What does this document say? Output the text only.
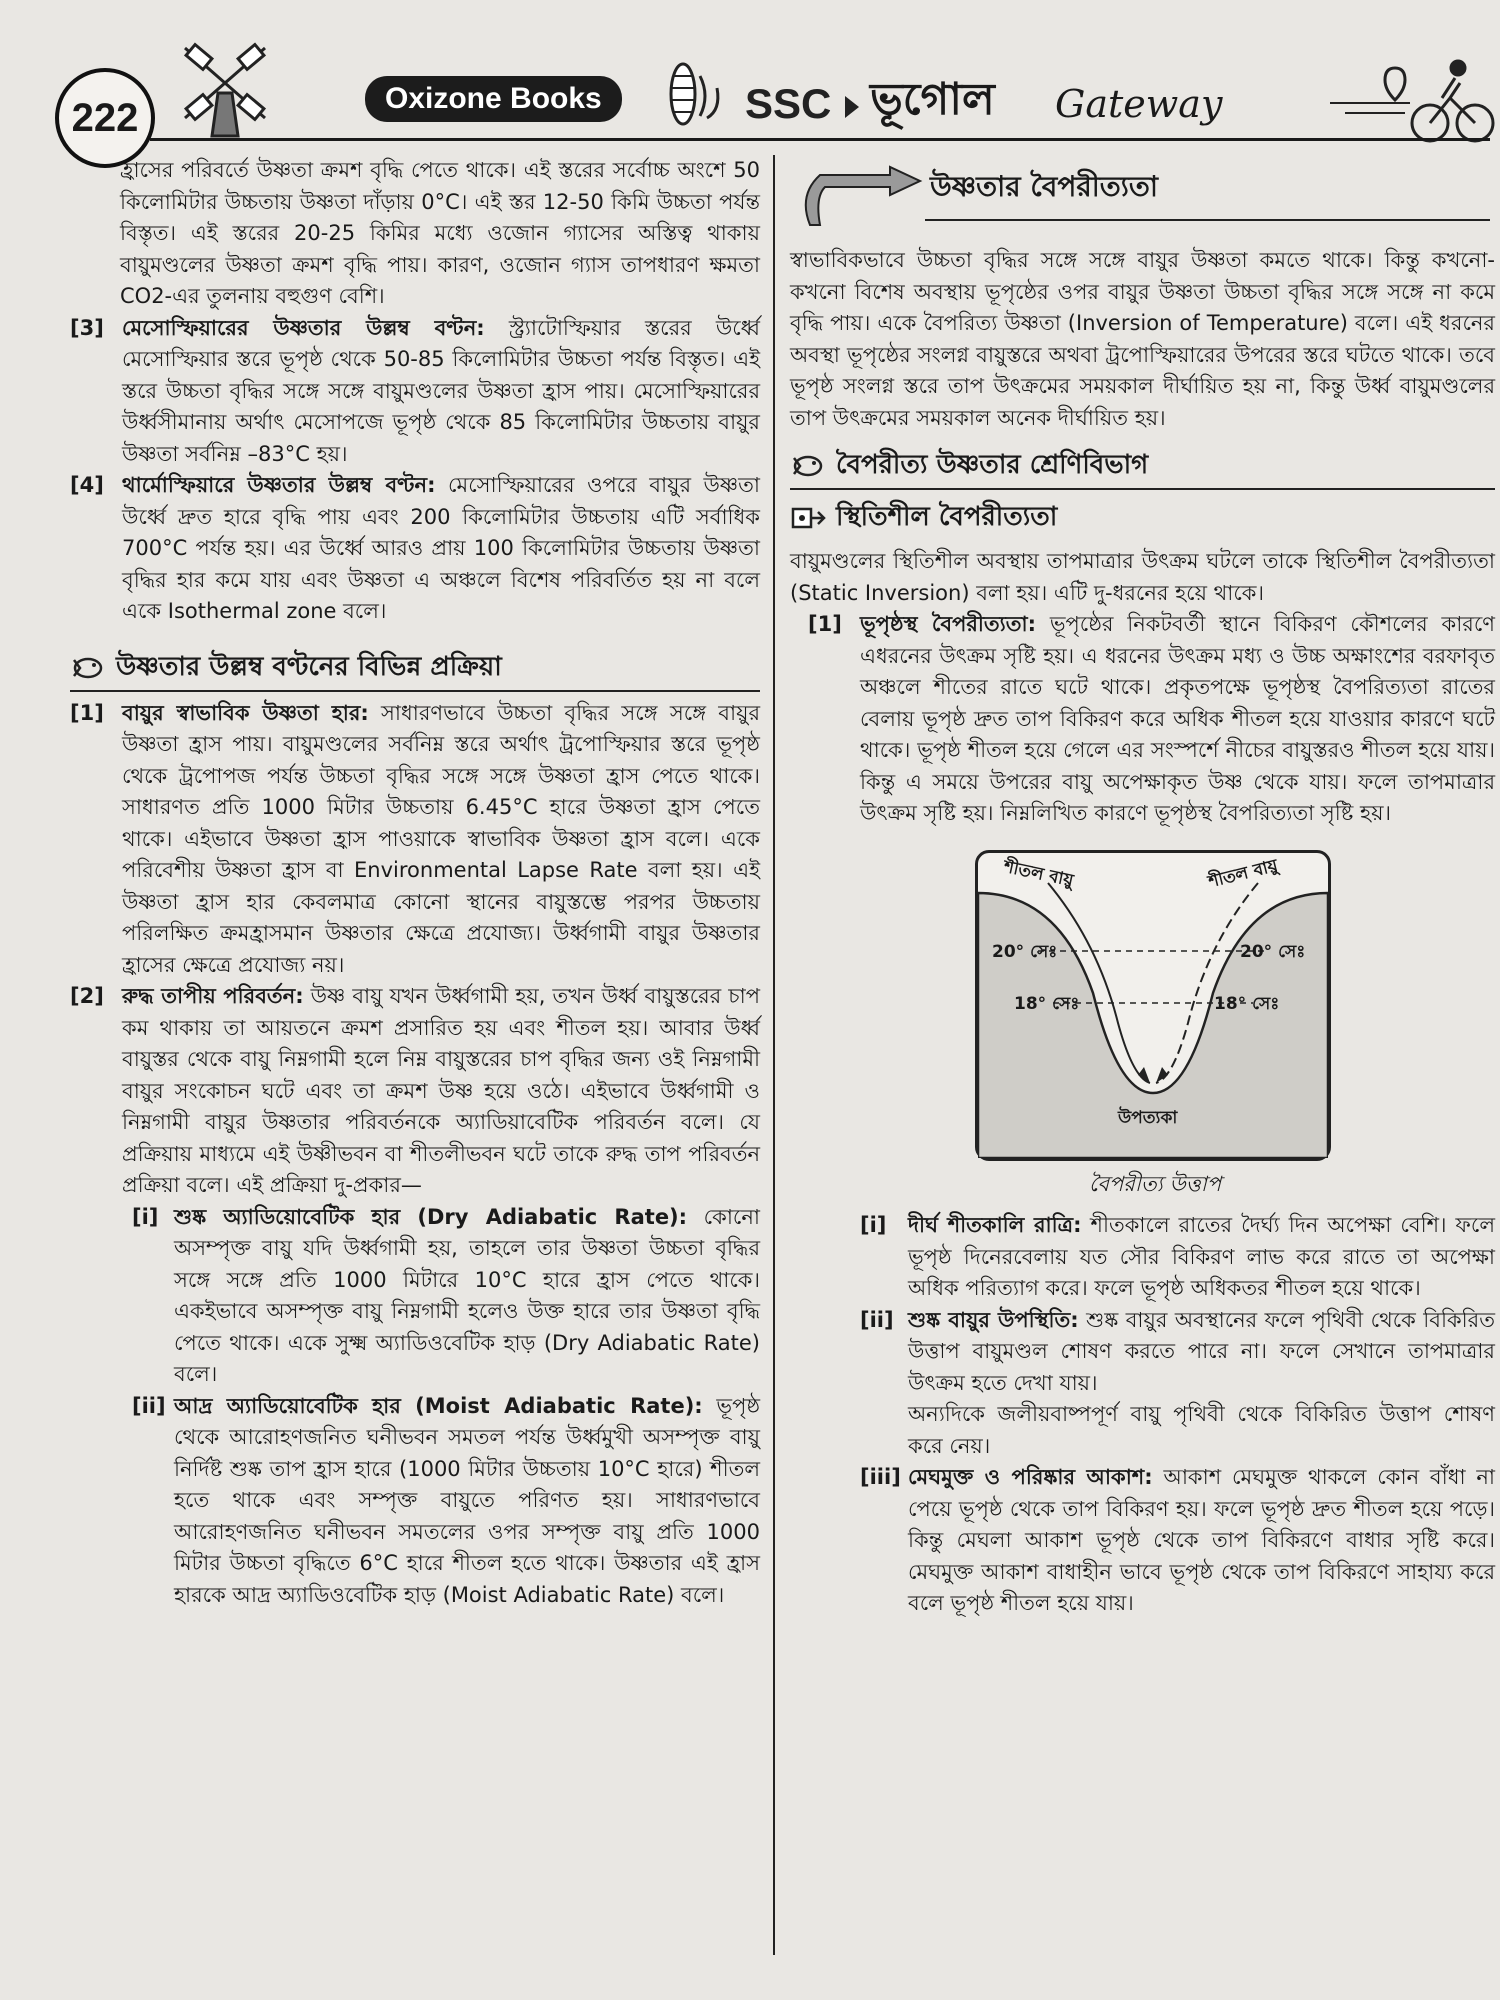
222	Oxizone Books	SSC ভূগোল Gateway

হ্রাসের পরিবর্তে উষ্ণতা ক্রমশ বৃদ্ধি পেতে থাকে। এই স্তরের সর্বোচ্চ অংশে 50 কিলোমিটার উচ্চতায় উষ্ণতা দাঁড়ায় 0°C। এই স্তর 12-50 কিমি উচ্চতা পর্যন্ত বিস্তৃত। এই স্তরের 20-25 কিমির মধ্যে ওজোন গ্যাসের অস্তিত্ব থাকায় বায়ুমণ্ডলের উষ্ণতা ক্রমশ বৃদ্ধি পায়। কারণ, ওজোন গ্যাস তাপধারণ ক্ষমতা CO2-এর তুলনায় বহুগুণ বেশি।

[3] মেসোস্ফিয়ারের উষ্ণতার উল্লম্ব বণ্টন: স্ট্র্যাটোস্ফিয়ার স্তরের উর্ধ্বে মেসোস্ফিয়ার স্তরে ভূপৃষ্ঠ থেকে 50-85 কিলোমিটার উচ্চতা পর্যন্ত বিস্তৃত। এই স্তরে উচ্চতা বৃদ্ধির সঙ্গে সঙ্গে বায়ুমণ্ডলের উষ্ণতা হ্রাস পায়। মেসোস্ফিয়ারের উর্ধ্বসীমানায় অর্থাৎ মেসোপজে ভূপৃষ্ঠ থেকে 85 কিলোমিটার উচ্চতায় বায়ুর উষ্ণতা সর্বনিম্ন –83°C হয়।
[4] থার্মোস্ফিয়ারে উষ্ণতার উল্লম্ব বণ্টন: মেসোস্ফিয়ারের ওপরে বায়ুর উষ্ণতা উর্ধ্বে দ্রুত হারে বৃদ্ধি পায় এবং 200 কিলোমিটার উচ্চতায় এটি সর্বাধিক 700°C পর্যন্ত হয়। এর উর্ধ্বে আরও প্রায় 100 কিলোমিটার উচ্চতায় উষ্ণতা বৃদ্ধির হার কমে যায় এবং উষ্ণতা এ অঞ্চলে বিশেষ পরিবর্তিত হয় না বলে একে Isothermal zone বলে।
উষ্ণতার উল্লম্ব বণ্টনের বিভিন্ন প্রক্রিয়া
[1] বায়ুর স্বাভাবিক উষ্ণতা হার: সাধারণভাবে উচ্চতা বৃদ্ধির সঙ্গে সঙ্গে বায়ুর উষ্ণতা হ্রাস পায়। বায়ুমণ্ডলের সর্বনিম্ন স্তরে অর্থাৎ ট্রপোস্ফিয়ার স্তরে ভূপৃষ্ঠ থেকে ট্রপোপজ পর্যন্ত উচ্চতা বৃদ্ধির সঙ্গে সঙ্গে উষ্ণতা হ্রাস পেতে থাকে। সাধারণত প্রতি 1000 মিটার উচ্চতায় 6.45°C হারে উষ্ণতা হ্রাস পেতে থাকে। এইভাবে উষ্ণতা হ্রাস পাওয়াকে স্বাভাবিক উষ্ণতা হ্রাস বলে। একে পরিবেশীয় উষ্ণতা হ্রাস বা Environmental Lapse Rate বলা হয়। এই উষ্ণতা হ্রাস হার কেবলমাত্র কোনো স্থানের বায়ুস্তম্ভে পরপর উচ্চতায় পরিলক্ষিত ক্রমহ্রাসমান উষ্ণতার ক্ষেত্রে প্রযোজ্য। উর্ধ্বগামী বায়ুর উষ্ণতার হ্রাসের ক্ষেত্রে প্রযোজ্য নয়।
[2] রুদ্ধ তাপীয় পরিবর্তন: উষ্ণ বায়ু যখন উর্ধ্বগামী হয়, তখন উর্ধ্ব বায়ুস্তরের চাপ কম থাকায় তা আয়তনে ক্রমশ প্রসারিত হয় এবং শীতল হয়। আবার উর্ধ্ব বায়ুস্তর থেকে বায়ু নিম্নগামী হলে নিম্ন বায়ুস্তরের চাপ বৃদ্ধির জন্য ওই নিম্নগামী বায়ুর সংকোচন ঘটে এবং তা ক্রমশ উষ্ণ হয়ে ওঠে। এইভাবে উর্ধ্বগামী ও নিম্নগামী বায়ুর উষ্ণতার পরিবর্তনকে অ্যাডিয়াবেটিক পরিবর্তন বলে। যে প্রক্রিয়ায় মাধ্যমে এই উষ্ণীভবন বা শীতলীভবন ঘটে তাকে রুদ্ধ তাপ পরিবর্তন প্রক্রিয়া বলে। এই প্রক্রিয়া দু-প্রকার—
[i] শুষ্ক অ্যাডিয়োবেটিক হার (Dry Adiabatic Rate): কোনো অসম্পৃক্ত বায়ু যদি উর্ধ্বগামী হয়, তাহলে তার উষ্ণতা উচ্চতা বৃদ্ধির সঙ্গে সঙ্গে প্রতি 1000 মিটারে 10°C হারে হ্রাস পেতে থাকে। একইভাবে অসম্পৃক্ত বায়ু নিম্নগামী হলেও উক্ত হারে তার উষ্ণতা বৃদ্ধি পেতে থাকে। একে সুক্ষ্ম অ্যাডিওবেটিক হাড় (Dry Adiabatic Rate) বলে।
[ii] আদ্র অ্যাডিয়োবেটিক হার (Moist Adiabatic Rate): ভূপৃষ্ঠ থেকে আরোহণজনিত ঘনীভবন সমতল পর্যন্ত উর্ধ্বমুখী অসম্পৃক্ত বায়ু নির্দিষ্ট শুষ্ক তাপ হ্রাস হারে (1000 মিটার উচ্চতায় 10°C হারে) শীতল হতে থাকে এবং সম্পৃক্ত বায়ুতে পরিণত হয়। সাধারণভাবে আরোহণজনিত ঘনীভবন সমতলের ওপর সম্পৃক্ত বায়ু প্রতি 1000 মিটার উচ্চতা বৃদ্ধিতে 6°C হারে শীতল হতে থাকে। উষ্ণতার এই হ্রাস হারকে আদ্র অ্যাডিওবেটিক হাড় (Moist Adiabatic Rate) বলে।
উষ্ণতার বৈপরীত্যতা

স্বাভাবিকভাবে উচ্চতা বৃদ্ধির সঙ্গে সঙ্গে বায়ুর উষ্ণতা কমতে থাকে। কিন্তু কখনো-কখনো বিশেষ অবস্থায় ভূপৃষ্ঠের ওপর বায়ুর উষ্ণতা উচ্চতা বৃদ্ধির সঙ্গে সঙ্গে না কমে বৃদ্ধি পায়। একে বৈপরিত্য উষ্ণতা (Inversion of Temperature) বলে। এই ধরনের অবস্থা ভূপৃষ্ঠের সংলগ্ন বায়ুস্তরে অথবা ট্রপোস্ফিয়ারের উপরের স্তরে ঘটতে থাকে। তবে ভূপৃষ্ঠ সংলগ্ন স্তরে তাপ উৎক্রমের সময়কাল দীর্ঘায়িত হয় না, কিন্তু উর্ধ্ব বায়ুমণ্ডলের তাপ উৎক্রমের সময়কাল অনেক দীর্ঘায়িত হয়।

বৈপরীত্য উষ্ণতার শ্রেণিবিভাগ
স্থিতিশীল বৈপরীত্যতা

বায়ুমণ্ডলের স্থিতিশীল অবস্থায় তাপমাত্রার উৎক্রম ঘটলে তাকে স্থিতিশীল বৈপরীত্যতা (Static Inversion) বলা হয়। এটি দু-ধরনের হয়ে থাকে।

[1] ভূপৃষ্ঠস্থ বৈপরীত্যতা: ভূপৃষ্ঠের নিকটবর্তী স্থানে বিকিরণ কৌশলের কারণে এধরনের উৎক্রম সৃষ্টি হয়। এ ধরনের উৎক্রম মধ্য ও উচ্চ অক্ষাংশের বরফাবৃত অঞ্চলে শীতের রাতে ঘটে থাকে। প্রকৃতপক্ষে ভূপৃষ্ঠস্থ বৈপরিত্যতা রাতের বেলায় ভূপৃষ্ঠ দ্রুত তাপ বিকিরণ করে অধিক শীতল হয়ে যাওয়ার কারণে ঘটে থাকে। ভূপৃষ্ঠ শীতল হয়ে গেলে এর সংস্পর্শে নীচের বায়ুস্তরও শীতল হয়ে যায়। কিন্তু এ সময়ে উপরের বায়ু অপেক্ষাকৃত উষ্ণ থেকে যায়। ফলে তাপমাত্রার উৎক্রম সৃষ্টি হয়। নিম্নলিখিত কারণে ভূপৃষ্ঠস্থ বৈপরিত্যতা সৃষ্টি হয়।
শীতল বায়ু	শীতল বায়ু
20° সেঃ	20° সেঃ
18° সেঃ	18° সেঃ
উপত্যকা
বৈপরীত্য উত্তাপ
[i] দীর্ঘ শীতকালি রাত্রি: শীতকালে রাতের দৈর্ঘ্য দিন অপেক্ষা বেশি। ফলে ভূপৃষ্ঠ দিনেরবেলায় যত সৌর বিকিরণ লাভ করে রাতে তা অপেক্ষা অধিক পরিত্যাগ করে। ফলে ভূপৃষ্ঠ অধিকতর শীতল হয়ে থাকে।
[ii] শুষ্ক বায়ুর উপস্থিতি: শুষ্ক বায়ুর অবস্থানের ফলে পৃথিবী থেকে বিকিরিত উত্তাপ বায়ুমণ্ডল শোষণ করতে পারে না। ফলে সেখানে তাপমাত্রার উৎক্রম হতে দেখা যায়।
অন্যদিকে জলীয়বাষ্পপূর্ণ বায়ু পৃথিবী থেকে বিকিরিত উত্তাপ শোষণ করে নেয়।
[iii] মেঘমুক্ত ও পরিষ্কার আকাশ: আকাশ মেঘমুক্ত থাকলে কোন বাঁধা না পেয়ে ভূপৃষ্ঠ থেকে তাপ বিকিরণ হয়। ফলে ভূপৃষ্ঠ দ্রুত শীতল হয়ে পড়ে। কিন্তু মেঘলা আকাশ ভূপৃষ্ঠ থেকে তাপ বিকিরণে বাধার সৃষ্টি করে। মেঘমুক্ত আকাশ বাধাহীন ভাবে ভূপৃষ্ঠ থেকে তাপ বিকিরণে সাহায্য করে বলে ভূপৃষ্ঠ শীতল হয়ে যায়।
